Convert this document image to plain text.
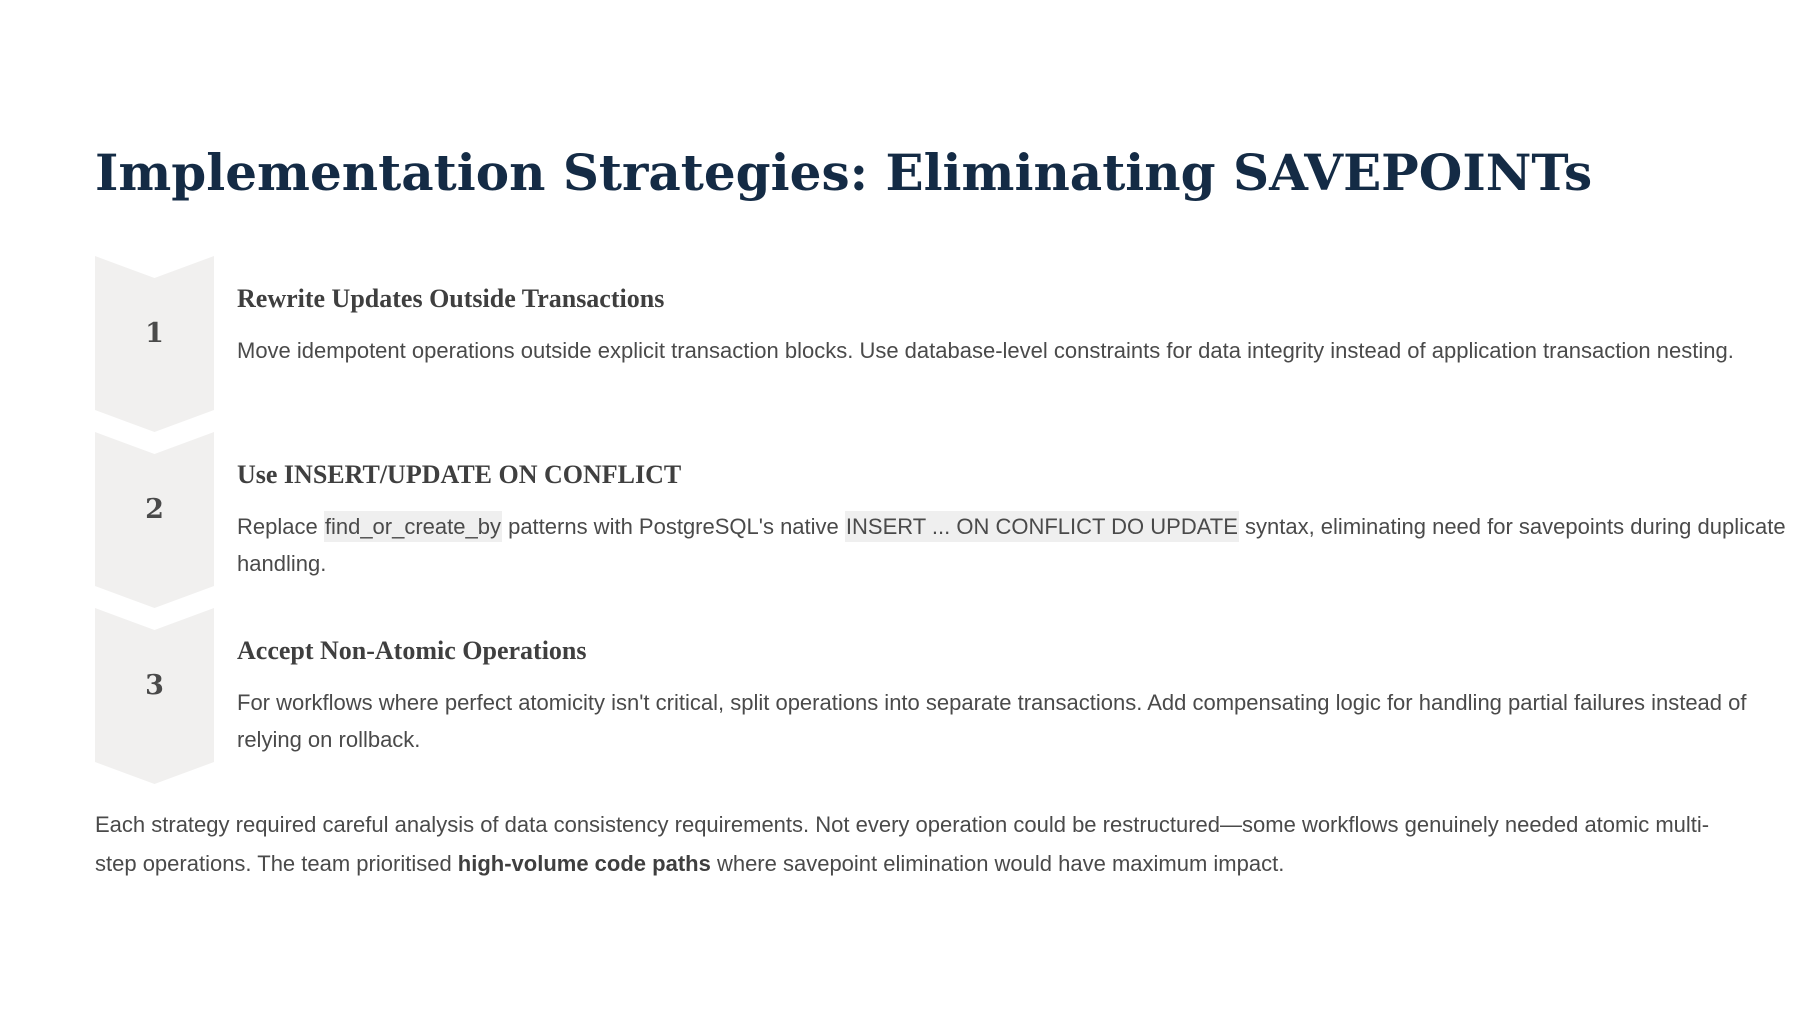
Implementation Strategies: Eliminating SAVEPOINTs
1
Rewrite Updates Outside Transactions

Move idempotent operations outside explicit transaction blocks. Use database-level constraints for data integrity instead of application transaction nesting.

2
Use INSERT/UPDATE ON CONFLICT

Replace find_or_create_by patterns with PostgreSQL's native INSERT ... ON CONFLICT DO UPDATE syntax, eliminating need for savepoints during duplicate handling.

3
Accept Non-Atomic Operations

For workflows where perfect atomicity isn't critical, split operations into separate transactions. Add compensating logic for handling partial failures instead of relying on rollback.

Each strategy required careful analysis of data consistency requirements. Not every operation could be restructured—some workflows genuinely needed atomic multi-step operations. The team prioritised high-volume code paths where savepoint elimination would have maximum impact.
